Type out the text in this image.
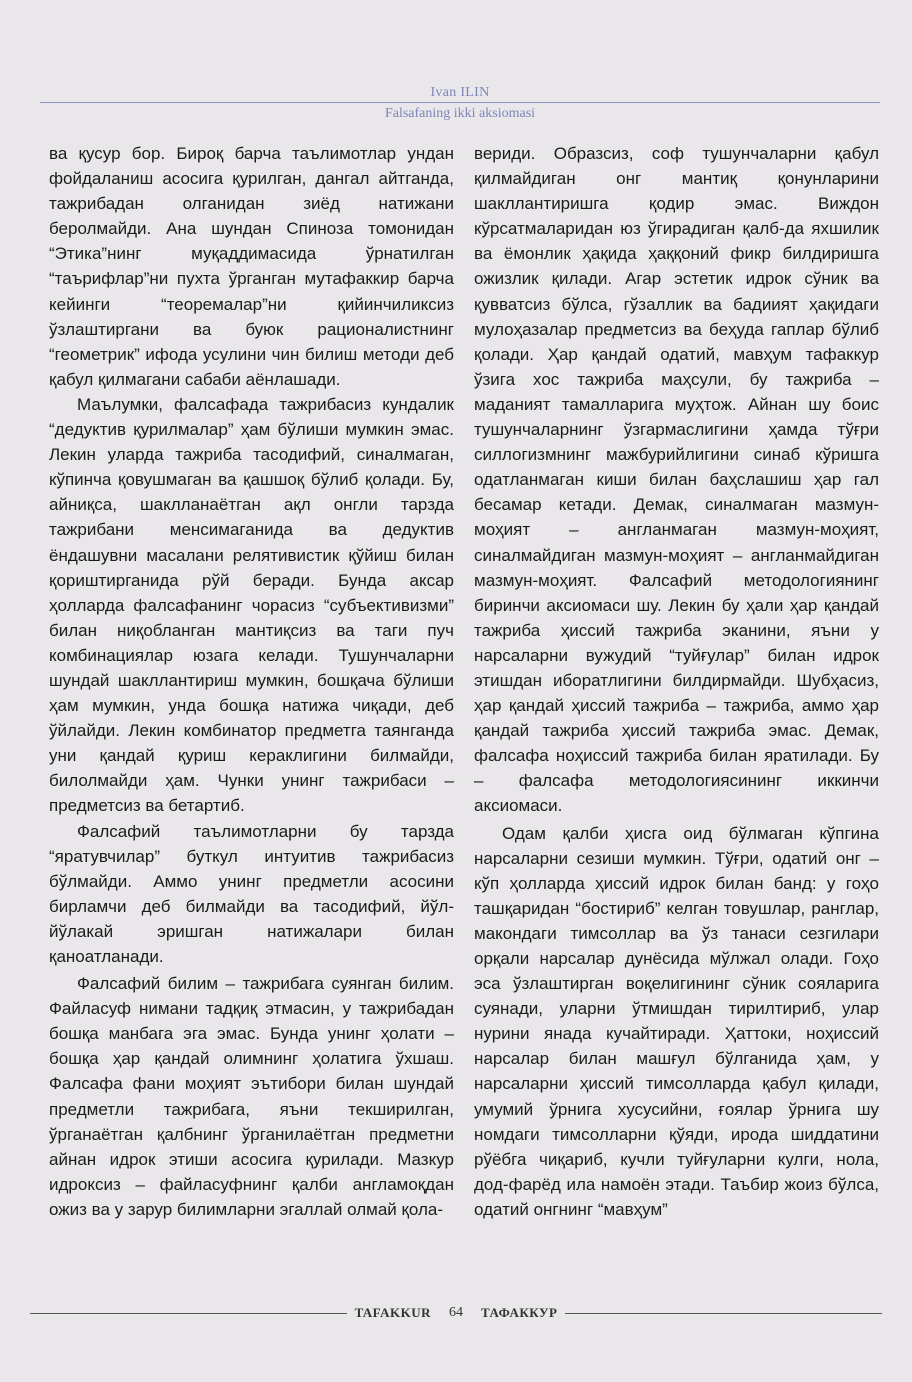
Ivan ILIN
Falsafaning ikki aksiomasi

ва қусур бор. Бироқ барча таълимотлар ундан фойдаланиш асосига қурилган, дангал айтганда, тажрибадан олганидан зиёд натижани беролмайди. Ана шундан Спиноза томонидан “Этика”нинг муқаддимасида ўрнатилган “таърифлар”ни пухта ўрганган мутафаккир барча кейинги “теоремалар”ни қийинчиликсиз ўзлаштиргани ва буюк рационалистнинг “геометрик” ифода усулини чин билиш методи деб қабул қилмагани сабаби аёнлашади.

Маълумки, фалсафада тажрибасиз кундалик “дедуктив қурилмалар” ҳам бўлиши мумкин эмас. Лекин уларда тажриба тасодифий, синалмаган, кўпинча қовушмаган ва қашшоқ бўлиб қолади. Бу, айниқса, шаклланаётган ақл онгли тарзда тажрибани менсимаганида ва дедуктив ёндашувни масалани релятивистик қўйиш билан қориштирганида рўй беради. Бунда аксар ҳолларда фалсафанинг чорасиз “субъективизми” билан ниқобланган мантиқсиз ва таги пуч комбинациялар юзага келади. Тушунчаларни шундай шакллантириш мумкин, бошқача бўлиши ҳам мумкин, унда бошқа натижа чиқади, деб ўйлайди. Лекин комбинатор предметга таянганда уни қандай қуриш кераклигини билмайди, билолмайди ҳам. Чунки унинг тажрибаси – предметсиз ва бетартиб.

Фалсафий таълимотларни бу тарзда “яратувчилар” буткул интуитив тажрибасиз бўлмайди. Аммо унинг предметли асосини бирламчи деб билмайди ва тасодифий, йўл-йўлакай эришган натижалари билан қаноатланади.

Фалсафий билим – тажрибага суянган билим. Файласуф нимани тадқиқ этмасин, у тажрибадан бошқа манбага эга эмас. Бунда унинг ҳолати – бошқа ҳар қандай олимнинг ҳолатига ўхшаш. Фалсафа фани моҳият эътибори билан шундай предметли тажрибага, яъни текширилган, ўрганаётган қалбнинг ўрганилаётган предметни айнан идрок этиши асосига қурилади. Мазкур идроксиз – файласуфнинг қалби англамоқдан ожиз ва у зарур билимларни эгаллай олмай қола-

вериди. Образсиз, соф тушунчаларни қабул қилмайдиган онг мантиқ қонунларини шакллантиришга қодир эмас. Виждон кўрсатмаларидан юз ўгирадиган қалб-да яхшилик ва ёмонлик ҳақида ҳаққоний фикр билдиришга ожизлик қилади. Агар эстетик идрок сўник ва қувватсиз бўлса, гўзаллик ва бадиият ҳақидаги мулоҳазалар предметсиз ва беҳуда гаплар бўлиб қолади. Ҳар қандай одатий, мавҳум тафаккур ўзига хос тажриба маҳсули, бу тажриба – маданият тамалларига муҳтож. Айнан шу боис тушунчаларнинг ўзгармаслигини ҳамда тўғри силлогизмнинг мажбурийлигини синаб кўришга одатланмаган киши билан баҳслашиш ҳар гал бесамар кетади. Демак, синалмаган мазмун-моҳият – англанмаган мазмун-моҳият, синалмайдиган мазмун-моҳият – англанмайдиган мазмун-моҳият. Фалсафий методологиянинг биринчи аксиомаси шу. Лекин бу ҳали ҳар қандай тажриба ҳиссий тажриба эканини, яъни у нарсаларни вужудий “туйғулар” билан идрок этишдан иборатлигини билдирмайди. Шубҳасиз, ҳар қандай ҳиссий тажриба – тажриба, аммо ҳар қандай тажриба ҳиссий тажриба эмас. Демак, фалсафа ноҳиссий тажриба билан яратилади. Бу – фалсафа методологиясининг иккинчи аксиомаси.

Одам қалби ҳисга оид бўлмаган кўпгина нарсаларни сезиши мумкин. Тўғри, одатий онг – кўп ҳолларда ҳиссий идрок билан банд: у гоҳо ташқаридан “бостириб” келган товушлар, ранглар, макондаги тимсоллар ва ўз танаси сезгилари орқали нарсалар дунёсида мўлжал олади. Гоҳо эса ўзлаштирган воқелигининг сўник сояларига суянади, уларни ўтмишдан тирилтириб, улар нурини янада кучайтиради. Ҳаттоки, ноҳиссий нарсалар билан машғул бўлганида ҳам, у нарсаларни ҳиссий тимсолларда қабул қилади, умумий ўрнига хусусийни, ғоялар ўрнига шу номдаги тимсолларни қўяди, ирода шиддатини рўёбга чиқариб, кучли туйғуларни кулги, нола, дод-фарёд ила намоён этади. Таъбир жоиз бўлса, одатий онгнинг “мавҳум”

TAFAKKUR	64	ТАФАККУР
